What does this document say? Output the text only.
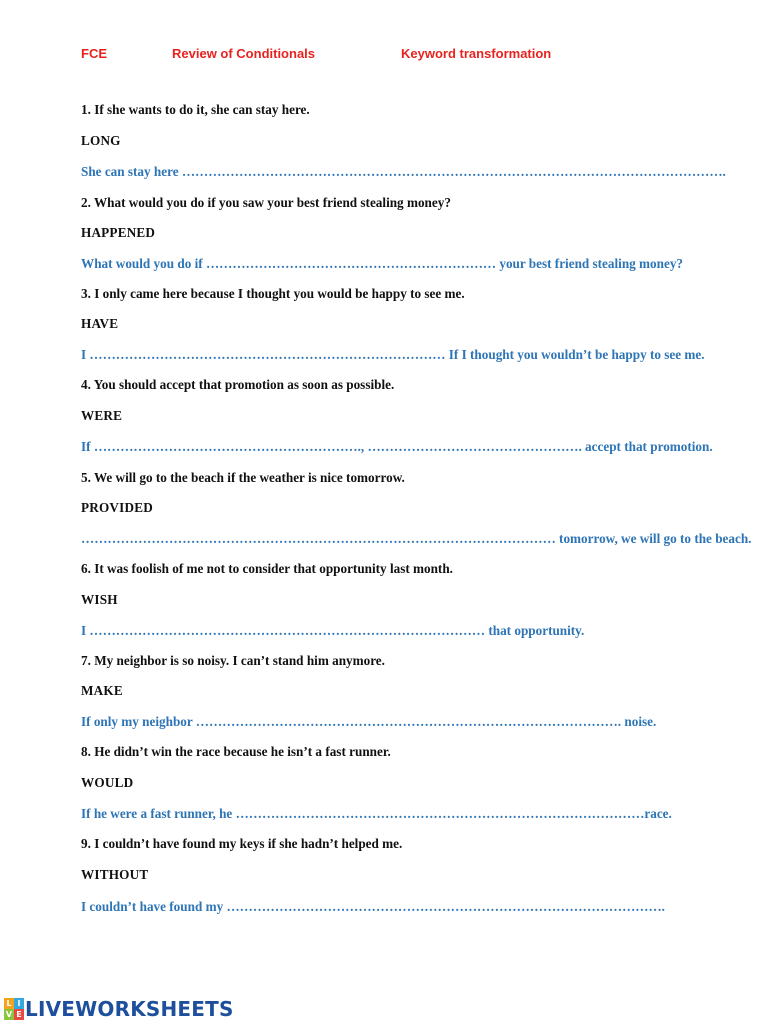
FCE	Review of Conditionals	Keyword transformation
1. If she wants to do it, she can stay here.
LONG
She can stay here …………………………………………………………………………………………………………….
2. What would you do if you saw your best friend stealing money?
HAPPENED
What would you do if ………………………………………………………… your best friend stealing money?
3. I only came here because I thought you would be happy to see me.
HAVE
I ……………………………………………………………………… If I thought you wouldn’t be happy to see me.
4. You should accept that promotion as soon as possible.
WERE
If ……………………………………………………., …………………………………………. accept that promotion.
5. We will go to the beach if the weather is nice tomorrow.
PROVIDED
……………………………………………………………………………………………… tomorrow, we will go to the beach.
6. It was foolish of me not to consider that opportunity last month.
WISH
I ……………………………………………………………………………… that opportunity.
7. My neighbor is so noisy. I can’t stand him anymore.
MAKE
If only my neighbor ……………………………………………………………………………………. noise.
8. He didn’t win the race because he isn’t a fast runner.
WOULD
If he were a fast runner, he …………………………………………………………………………………race.
9. I couldn’t have found my keys if she hadn’t helped me.
WITHOUT
I couldn’t have found my ……………………………………………………………………………………….
L I
V E LIVEWORKSHEETS
